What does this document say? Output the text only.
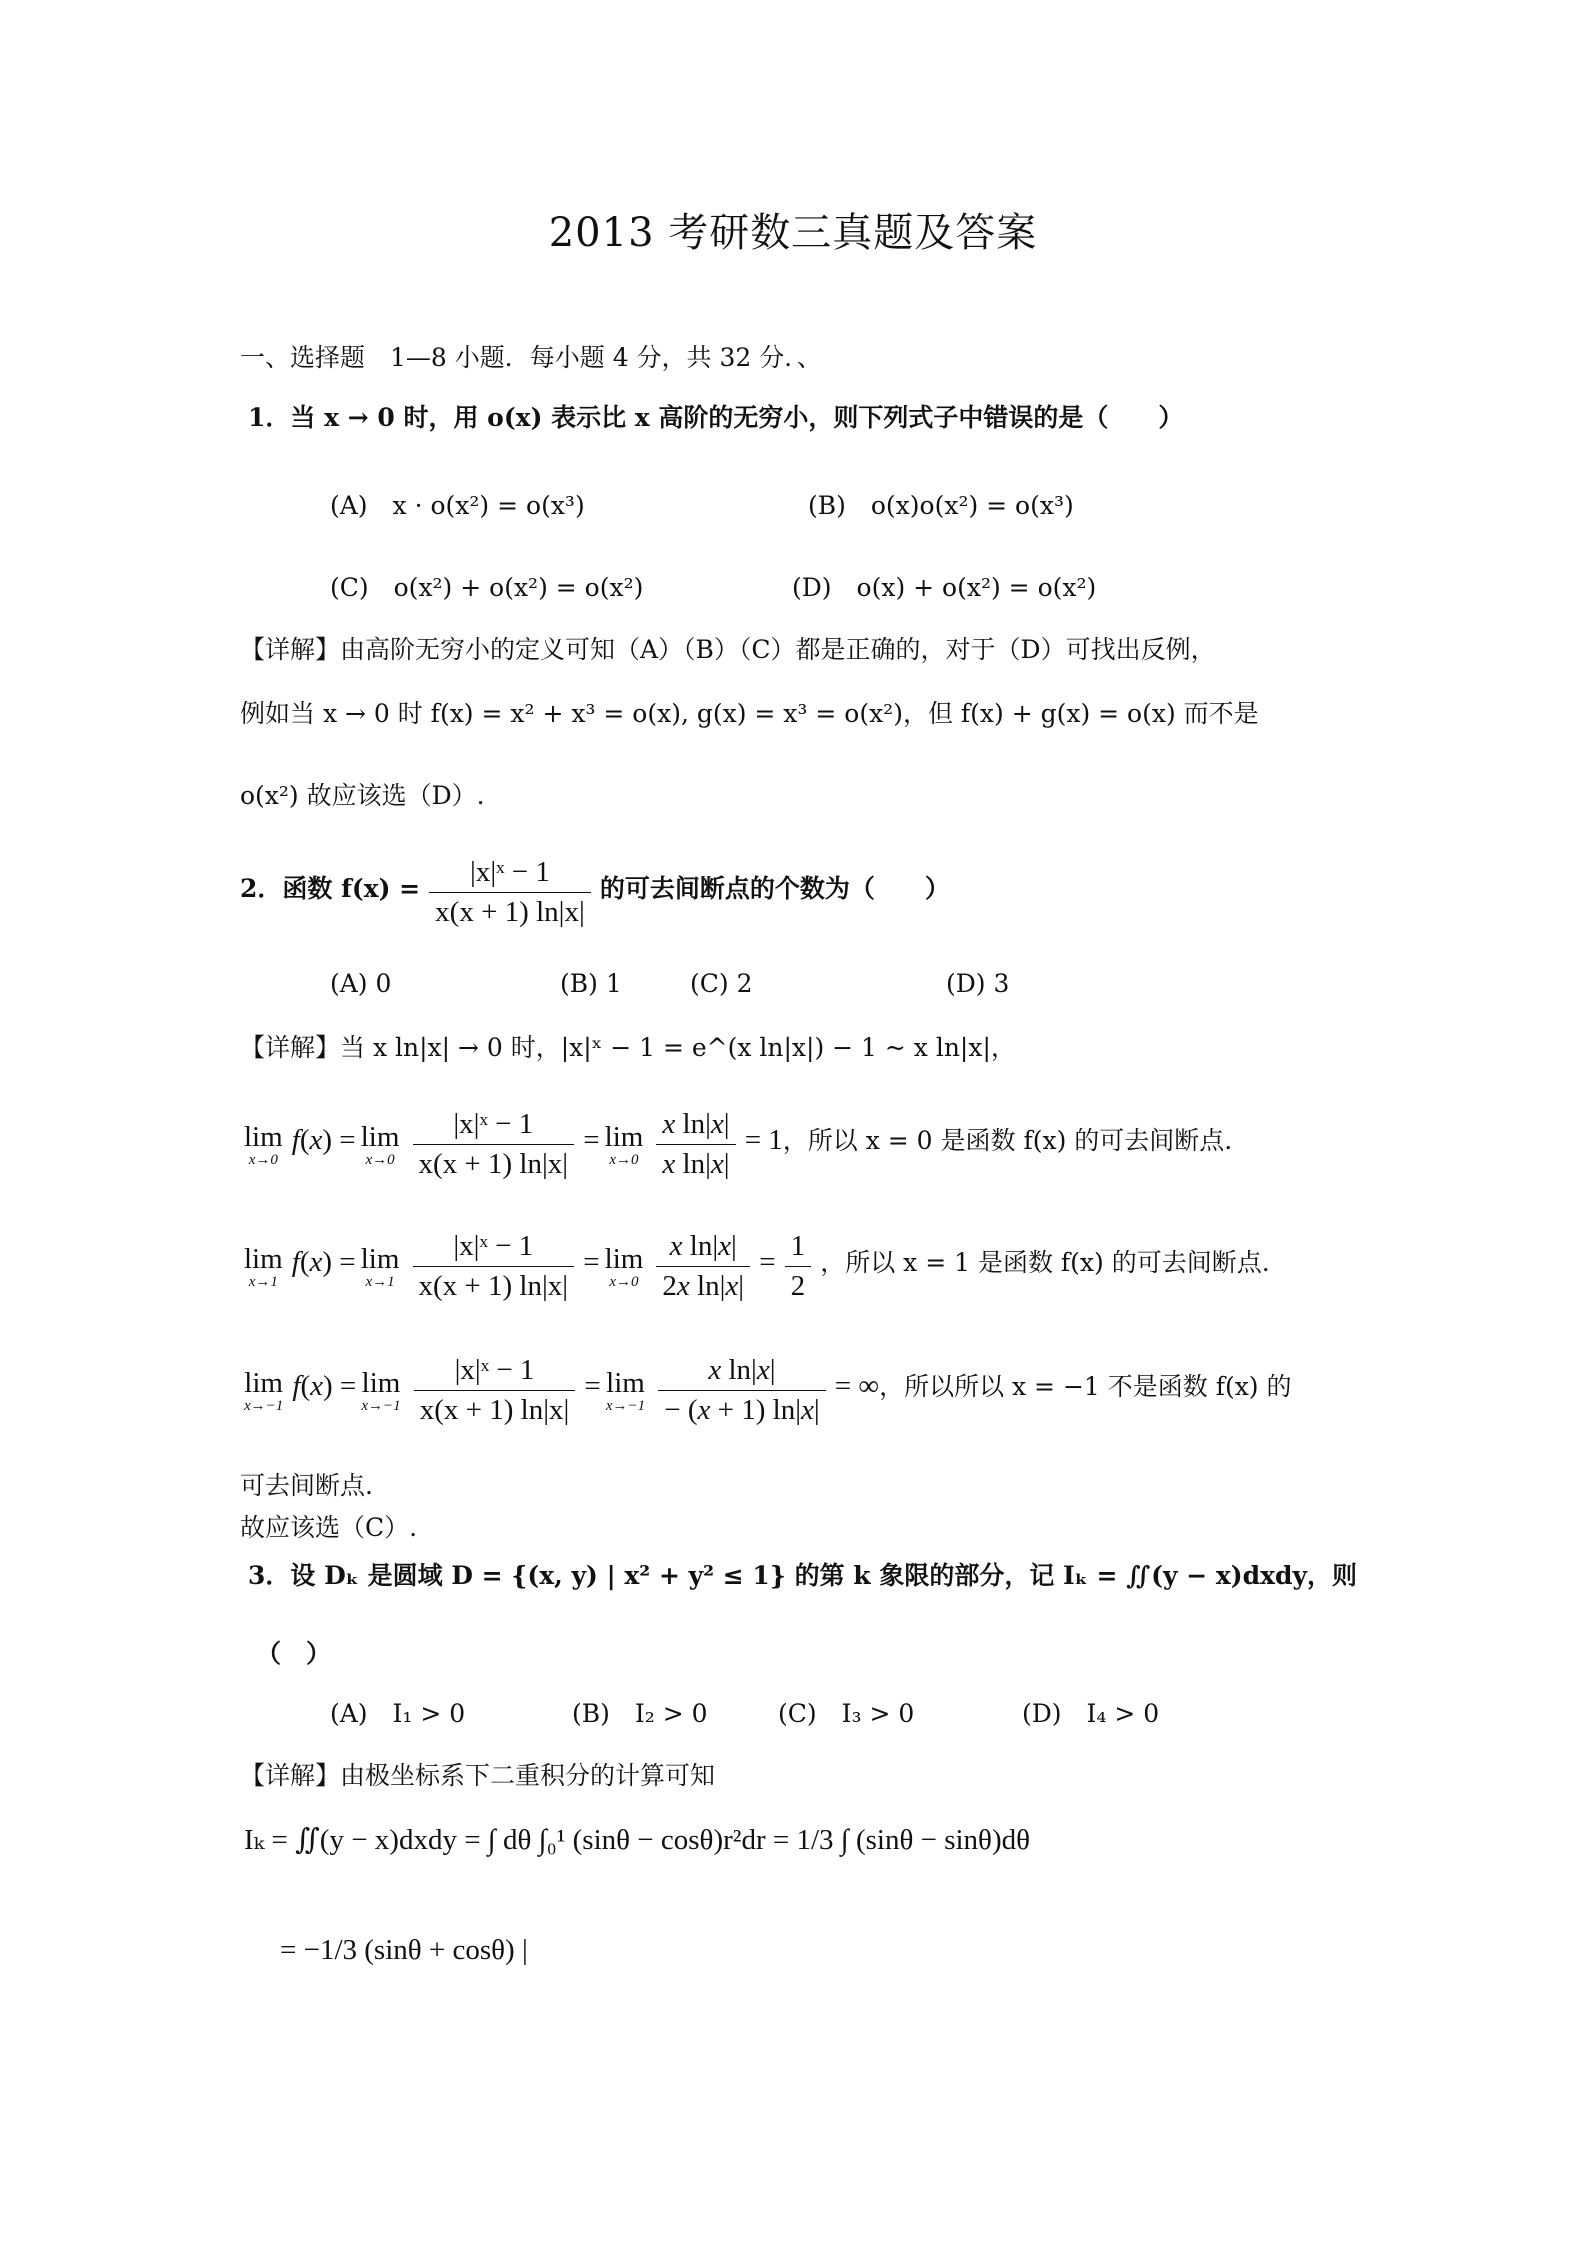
2013 考研数三真题及答案
一、选择题　1—8 小题．每小题 4 分，共 32 分．、
1．当 x → 0 时，用 o(x) 表示比 x 高阶的无穷小，则下列式子中错误的是（　　）
(A)　x · o(x²) = o(x³)	(B)　o(x)o(x²) = o(x³)
(C)　o(x²) + o(x²) = o(x²)	(D)　o(x) + o(x²) = o(x²)
【详解】由高阶无穷小的定义可知（A）（B）（C）都是正确的，对于（D）可找出反例，
例如当 x → 0 时 f(x) = x² + x³ = o(x), g(x) = x³ = o(x²)，但 f(x) + g(x) = o(x) 而不是
o(x²) 故应该选（D）.
2．函数 $f(x) = \frac{\text{|x|ˣ − 1}}{x(x + 1) \ln|x|}$ 的可去间断点的个数为（　　）
(A) 0	(B) 1	(C) 2	(D) 3
【详解】当 x ln|x| → 0 时，|x|ˣ − 1 = e^(x ln|x|) − 1 ~ x ln|x|，
lim
x→0
f(x) = lim
x→0
$\frac{\text{|x|ˣ − 1}}{x(x + 1) \ln|x|} = \lim$
x→0
$\frac{\text{x ln|x|}}{\text{x ln|x|}} = 1$，所以 x = 0 是函数 f(x) 的可去间断点.
lim
x→1
f(x) = lim
x→1
$\frac{\text{|x|ˣ − 1}}{x(x + 1) \ln|x|} = \lim$
x→0
$\frac{\text{x ln|x|}}{\text{2x ln|x|}} = \frac{1}{2}$ ，所以 x = 1 是函数 f(x) 的可去间断点.
lim
x→−1
f(x) = lim
x→−1
$\frac{\text{|x|ˣ − 1}}{x(x + 1) \ln|x|} = \lim$
x→−1
$\frac{\text{x ln|x|}}{- (x + 1) \ln|x|}$ = ∞，所以所以 x = −1 不是函数 f(x) 的
可去间断点.
故应该选（C）.
3．设 Dₖ 是圆域 D = {(x, y) | x² + y² ≤ 1} 的第 k 象限的部分，记 Iₖ = ∬(y − x)dxdy，则
（　）
(A)　I₁ > 0	(B)　I₂ > 0	(C)　I₃ > 0	(D)　I₄ > 0
【详解】由极坐标系下二重积分的计算可知
Iₖ = ∬(y − x)dxdy = ∫ dθ ∫₀¹ (sinθ − cosθ)r²dr = 1/3 ∫ (sinθ − sinθ)dθ
= −1/3 (sinθ + cosθ) |
